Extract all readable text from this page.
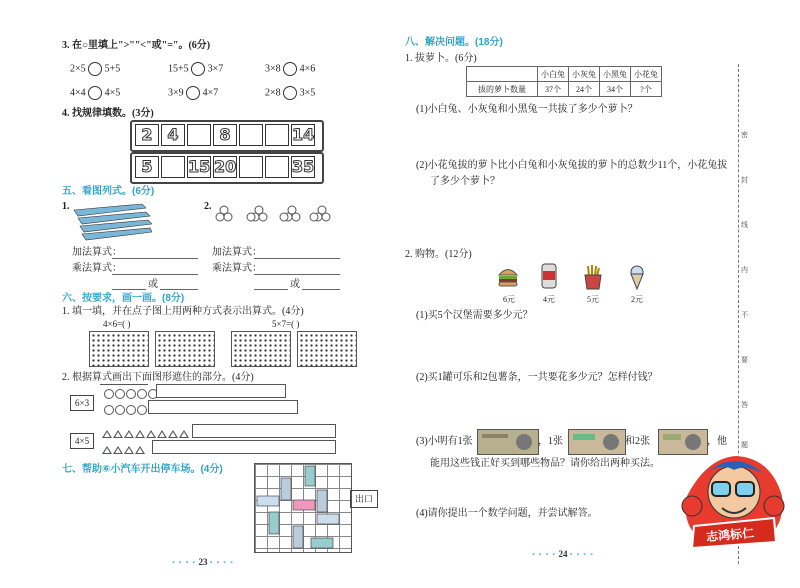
3. 在○里填上">""<"或"="。(6分)
2×5 5+5	15+5 3×7	3×8 4×6
4×4 4×5	3×9 4×7	2×8 3×5
4. 找规律填数。(3分)
2 4	8	14
5	15 20	35
五、看图列式。(6分)
1.	2.
加法算式：
乘法算式：
或
加法算式：
乘法算式：
或
六、按要求，画一画。(8分)
1. 填一填，并在点子图上用两种方式表示出算式。(4分)
4×6=( )	5×7=( )
2. 根据算式画出下面图形遮住的部分。(4分)
6×3
4×5
七、帮助⑥小汽车开出停车场。(4分)
出口
• • • • 23 • • • •
八、解决问题。(18分)
1. 拔萝卜。(6分)
	小白兔	小灰兔	小黑兔	小花兔
拔的萝卜数量	37个	24个	34个	?个
(1)小白兔、小灰兔和小黑兔一共拔了多少个萝卜？
(2)小花兔拔的萝卜比小白兔和小灰兔拔的萝卜的总数少11个，小花兔拔
了多少个萝卜？
2. 购物。(12分)
6元	4元	5元	2元
(1)买5个汉堡需要多少元？
(2)买1罐可乐和2包薯条，一共要花多少元？怎样付钱？
(3)小明有1张	，1张	和2张	，他
能用这些钱正好买到哪些物品？请你给出两种买法。
(4)请你提出一个数学问题，并尝试解答。
• • • • 24 • • • •
密
封
线
内
不
要
答
题
志鸿标仁
